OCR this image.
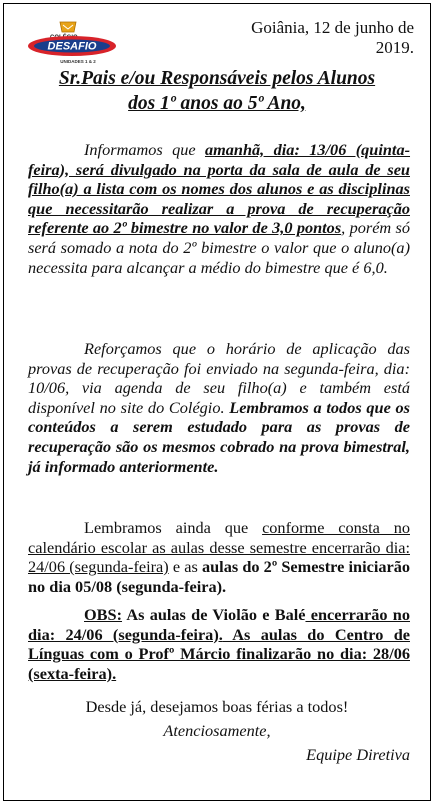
DESAFIO
UNIDADES 1 & 2
Goiânia, 12 de junho de 2019.
Sr.Pais e/ou Responsáveis pelos Alunos
dos 1º anos ao 5º Ano,
Informamos que amanhã, dia: 13/06 (quinta-feira), será divulgado na porta da sala de aula de seu filho(a) a lista com os nomes dos alunos e as disciplinas que necessitarão realizar a prova de recuperação referente ao 2º bimestre no valor de 3,0 pontos, porém só será somado a nota do 2º bimestre o valor que o aluno(a) necessita para alcançar a médio do bimestre que é 6,0.
Reforçamos que o horário de aplicação das provas de recuperação foi enviado na segunda-feira, dia: 10/06, via agenda de seu filho(a) e também está disponível no site do Colégio. Lembramos a todos que os conteúdos a serem estudado para as provas de recuperação são os mesmos cobrado na prova bimestral, já informado anteriormente.
Lembramos ainda que conforme consta no calendário escolar as aulas desse semestre encerrarão dia: 24/06 (segunda-feira) e as aulas do 2º Semestre iniciarão no dia 05/08 (segunda-feira).
OBS: As aulas de Violão e Balé encerrarão no dia: 24/06 (segunda-feira). As aulas do Centro de Línguas com o Profº Márcio finalizarão no dia: 28/06 (sexta-feira).
Desde já, desejamos boas férias a todos!
Atenciosamente,
Equipe Diretiva
